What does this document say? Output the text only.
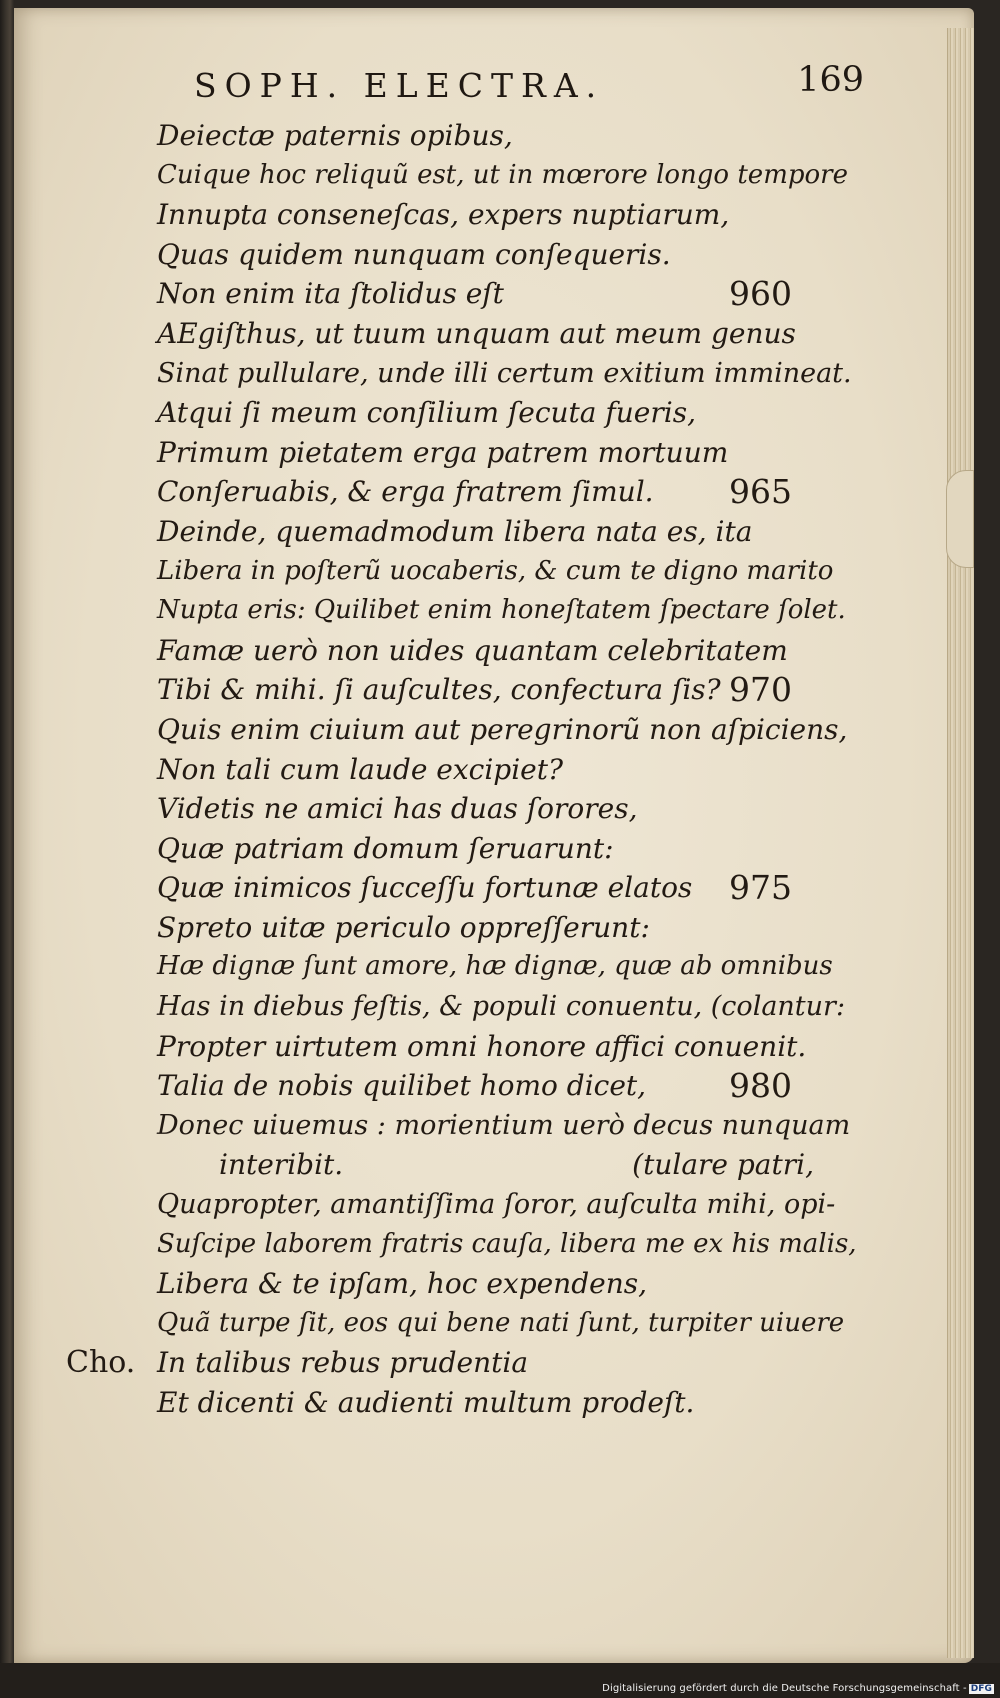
SOPH. ELECTRA.	169
Deiectæ paternis opibus,
Cuique hoc reliquũ est, ut in mœrore longo tempore
Innupta conseneſcas, expers nuptiarum,
Quas quidem nunquam conſequeris.
Non enim ita ſtolidus eſt	960
AEgiſthus, ut tuum unquam aut meum genus
Sinat pullulare, unde illi certum exitium immineat.
Atqui ſi meum conſilium ſecuta fueris,
Primum pietatem erga patrem mortuum
Conſeruabis, & erga fratrem ſimul. 965
Deinde, quemadmodum libera nata es, ita
Libera in poſterũ uocaberis, & cum te digno marito
Nupta eris: Quilibet enim honeſtatem ſpectare ſolet.
Famæ uerò non uides quantam celebritatem
Tibi & mihi. ſi auſcultes, confectura ſis? 970
Quis enim ciuium aut peregrinorũ non aſpiciens,
Non tali cum laude excipiet?
Videtis ne amici has duas ſorores,
Quæ patriam domum ſeruarunt:
Quæ inimicos ſucceſſu fortunæ elatos 975
Spreto uitæ periculo oppreſſerunt:
Hæ dignæ ſunt amore, hæ dignæ, quæ ab omnibus
Has in diebus feſtis, & populi conuentu, (colantur:
Propter uirtutem omni honore affici conuenit.
Talia de nobis quilibet homo dicet,	980
Donec uiuemus : morientium uerò decus nunquam
interibit.	(tulare patri,
Quapropter, amantiſſima ſoror, auſculta mihi, opi-
Suſcipe laborem fratris cauſa, libera me ex his malis,
Libera & te ipſam, hoc expendens,
Quã turpe ſit, eos qui bene nati ſunt, turpiter uiuere
Cho. In talibus rebus prudentia
Et dicenti & audienti multum prodeſt.
Digitalisierung gefördert durch die Deutsche Forschungsgemeinschaft - DFG
